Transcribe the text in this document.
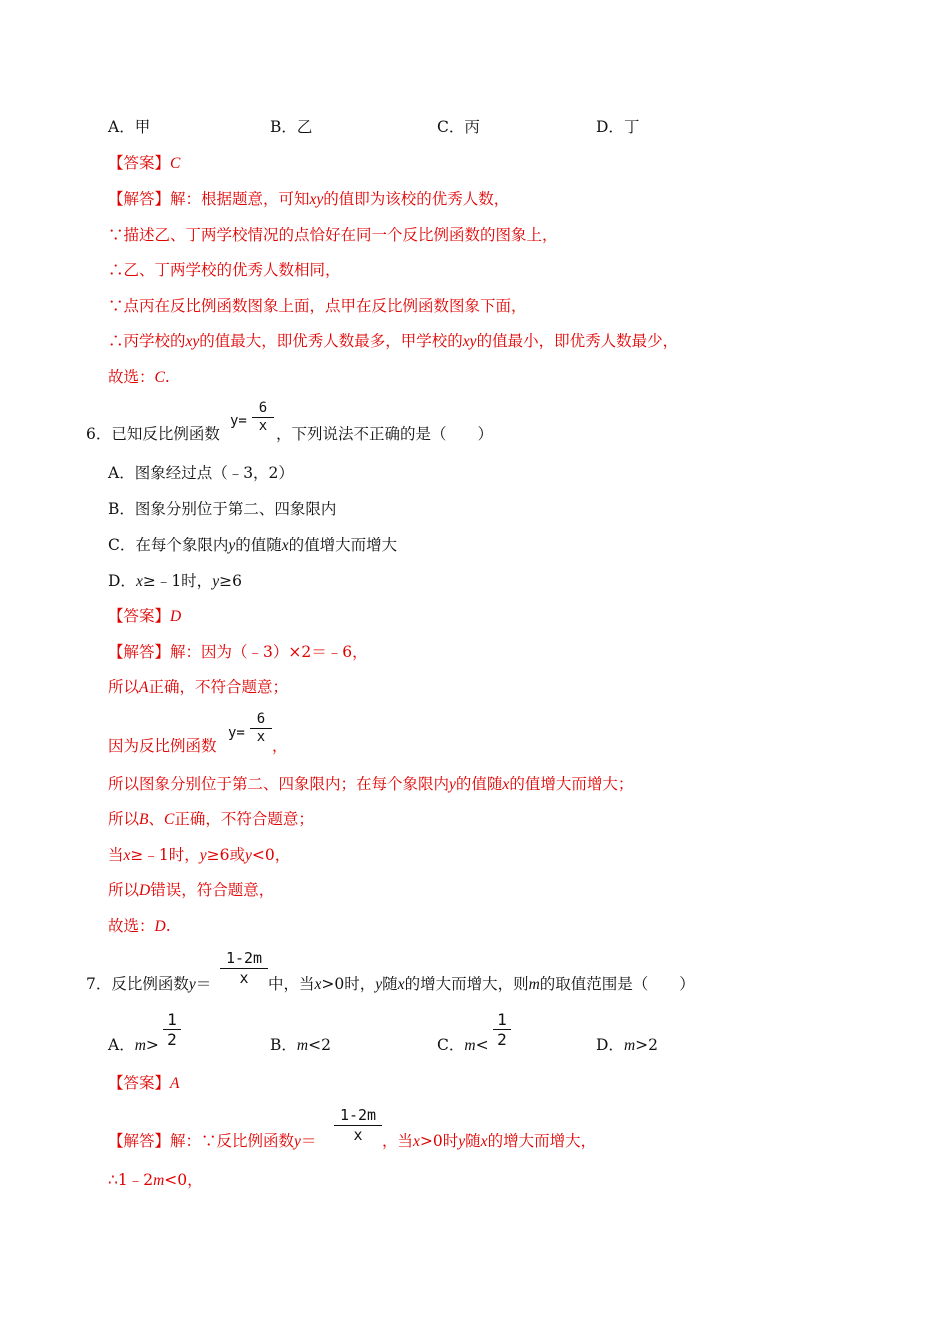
A．甲	B．乙	C．丙	D．丁
【答案】C
【解答】解：根据题意，可知xy的值即为该校的优秀人数，
∵描述乙、丁两学校情况的点恰好在同一个反比例函数的图象上，
∴乙、丁两学校的优秀人数相同，
∵点丙在反比例函数图象上面，点甲在反比例函数图象下面，
∴丙学校的xy的值最大，即优秀人数最多，甲学校的xy的值最小，即优秀人数最少，
故选：C.
6．已知反比例函数
y=
6
x ，下列说法不正确的是（　　）
A．图象经过点（﹣3，2）
B．图象分别位于第二、四象限内
C．在每个象限内y的值随x的值增大而增大
D．x≥﹣1时，y≥6
【答案】D
【解答】解：因为（﹣3）×2＝﹣6，
所以A正确，不符合题意；
因为反比例函数
y=
6
x ，
所以图象分别位于第二、四象限内；在每个象限内y的值随x的值增大而增大；
所以B、C正确，不符合题意；
当x≥﹣1时，y≥6或y<0，
所以D错误，符合题意，
故选：D.
7．反比例函数y＝
1-2m
x	中，当x>0时，y随x的增大而增大，则m的取值范围是（　　）
A．m>
1
2	B．m<2	C．m<
1
2	D．m>2
【答案】A
【解答】解：∵反比例函数y＝
1-2m
x	，当x>0时y随x的增大而增大，
∴1﹣2m<0，
